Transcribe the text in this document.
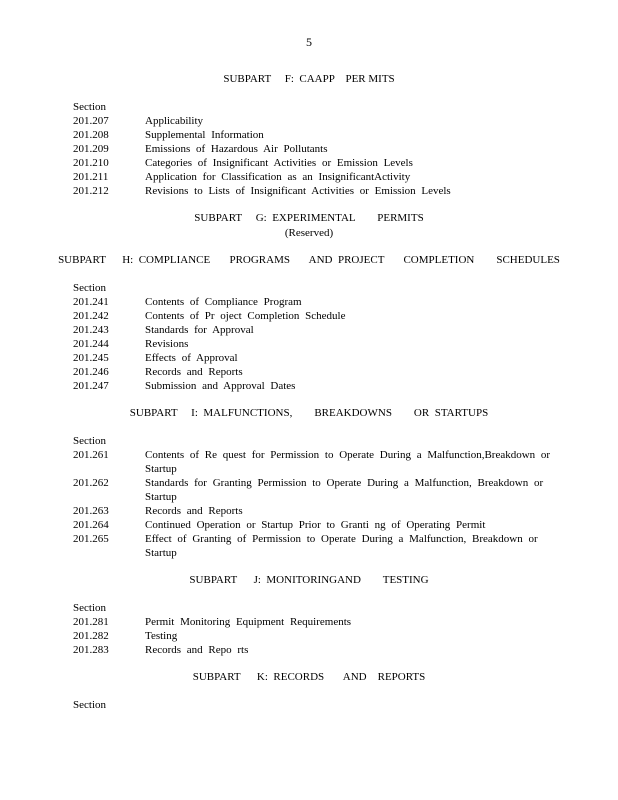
5
SUBPART     F:  CAAPP    PER MITS
Section
201.207	Applicability
201.208	Supplemental Information
201.209	Emissions of Hazardous Air Pollutants
201.210	Categories of Insignificant Activities or Emission Levels
201.211	Application for Classification as an InsignificantActivity
201.212	Revisions to Lists of Insignificant Activities or Emission Levels
SUBPART     G:  EXPERIMENTAL        PERMITS
(Reserved)
SUBPART      H:  COMPLIANCE       PROGRAMS       AND  PROJECT       COMPLETION        SCHEDULES
Section
201.241	Contents of Compliance Program
201.242	Contents of Pr oject Completion Schedule
201.243	Standards for Approval
201.244	Revisions
201.245	Effects of Approval
201.246	Records and Reports
201.247	Submission and Approval Dates
SUBPART     I:  MALFUNCTIONS,        BREAKDOWNS        OR  STARTUPS
Section
201.261	Contents of Re quest for Permission to Operate During a Malfunction,Breakdown or Startup
201.262	Standards for Granting Permission to Operate During a Malfunction, Breakdown or Startup
201.263	Records and Reports
201.264	Continued Operation or Startup Prior to Granti ng of Operating Permit
201.265	Effect of Granting of Permission to Operate During a Malfunction, Breakdown or Startup
SUBPART      J:  MONITORINGAND        TESTING
Section
201.281	Permit Monitoring Equipment Requirements
201.282	Testing
201.283	Records and Repo rts
SUBPART      K:  RECORDS       AND    REPORTS
Section
